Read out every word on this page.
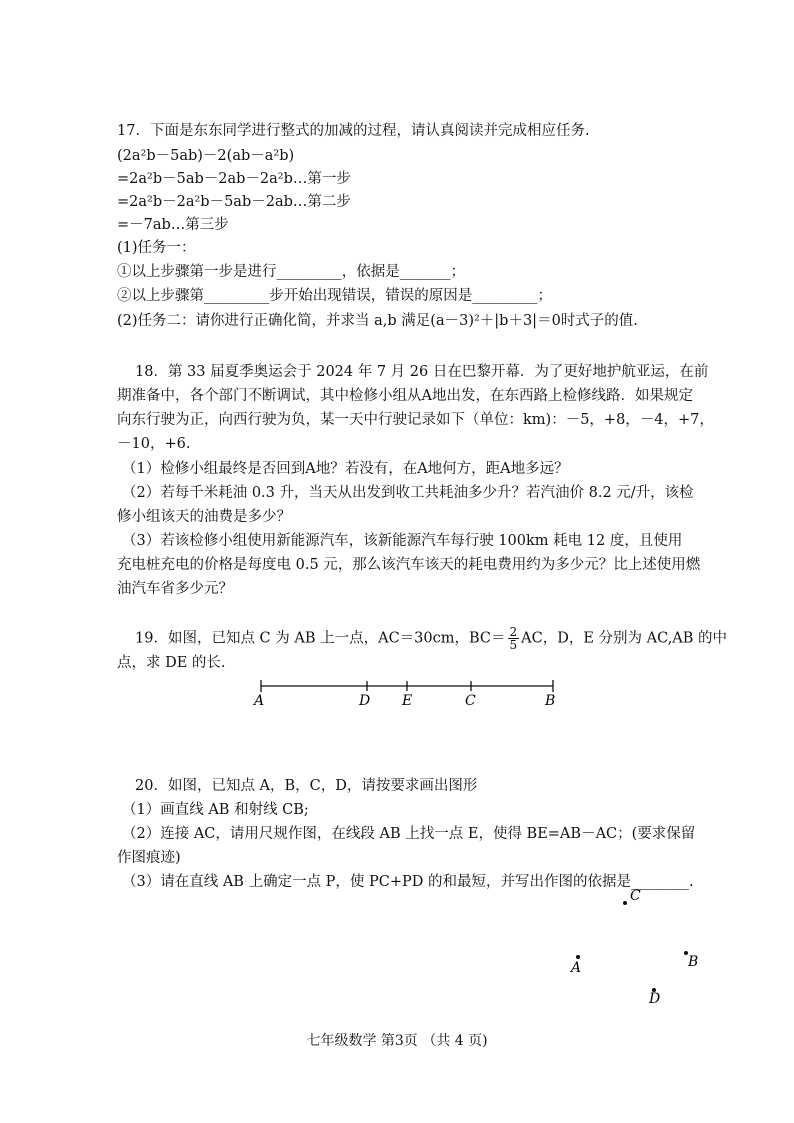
17．下面是东东同学进行整式的加减的过程，请认真阅读并完成相应任务.
(2a²b－5ab)－2(ab－a²b)
=2a²b－5ab－2ab－2a²b…第一步
=2a²b－2a²b－5ab－2ab…第二步
=－7ab…第三步
(1)任务一：
①以上步骤第一步是进行_________，依据是_______；
②以上步骤第_________步开始出现错误，错误的原因是_________；
(2)任务二：请你进行正确化简，并求当 a,b 满足(a－3)²＋|b＋3|＝0时式子的值.
18．第 33 届夏季奥运会于 2024 年 7 月 26 日在巴黎开幕．为了更好地护航亚运，在前
期准备中，各个部门不断调试，其中检修小组从A地出发，在东西路上检修线路．如果规定
向东行驶为正，向西行驶为负，某一天中行驶记录如下（单位：km)：－5，+8，－4，+7，
－10，+6.
（1）检修小组最终是否回到A地？若没有，在A地何方，距A地多远？
（2）若每千米耗油 0.3 升，当天从出发到收工共耗油多少升？若汽油价 8.2 元/升，该检
修小组该天的油费是多少？
（3）若该检修小组使用新能源汽车，该新能源汽车每行驶 100km 耗电 12 度，且使用
充电桩充电的价格是每度电 0.5 元，那么该汽车该天的耗电费用约为多少元？比上述使用燃
油汽车省多少元？
19．如图，已知点 C 为 AB 上一点，AC＝30cm，$BC= \frac{2}{5}$ AC，D，E 分别为 AC,AB 的中
点，求 DE 的长.
20．如图，已知点 A，B，C，D，请按要求画出图形
（1）画直线 AB 和射线 CB;
（2）连接 AC，请用尺规作图，在线段 AB 上找一点 E，使得 BE=AB－AC；(要求保留
作图痕迹)
（3）请在直线 AB 上确定一点 P，使 PC+PD 的和最短，并写出作图的依据是________.
A	D E	C	B
C
A	B
D
七年级数学 第3页 （共 4 页)
